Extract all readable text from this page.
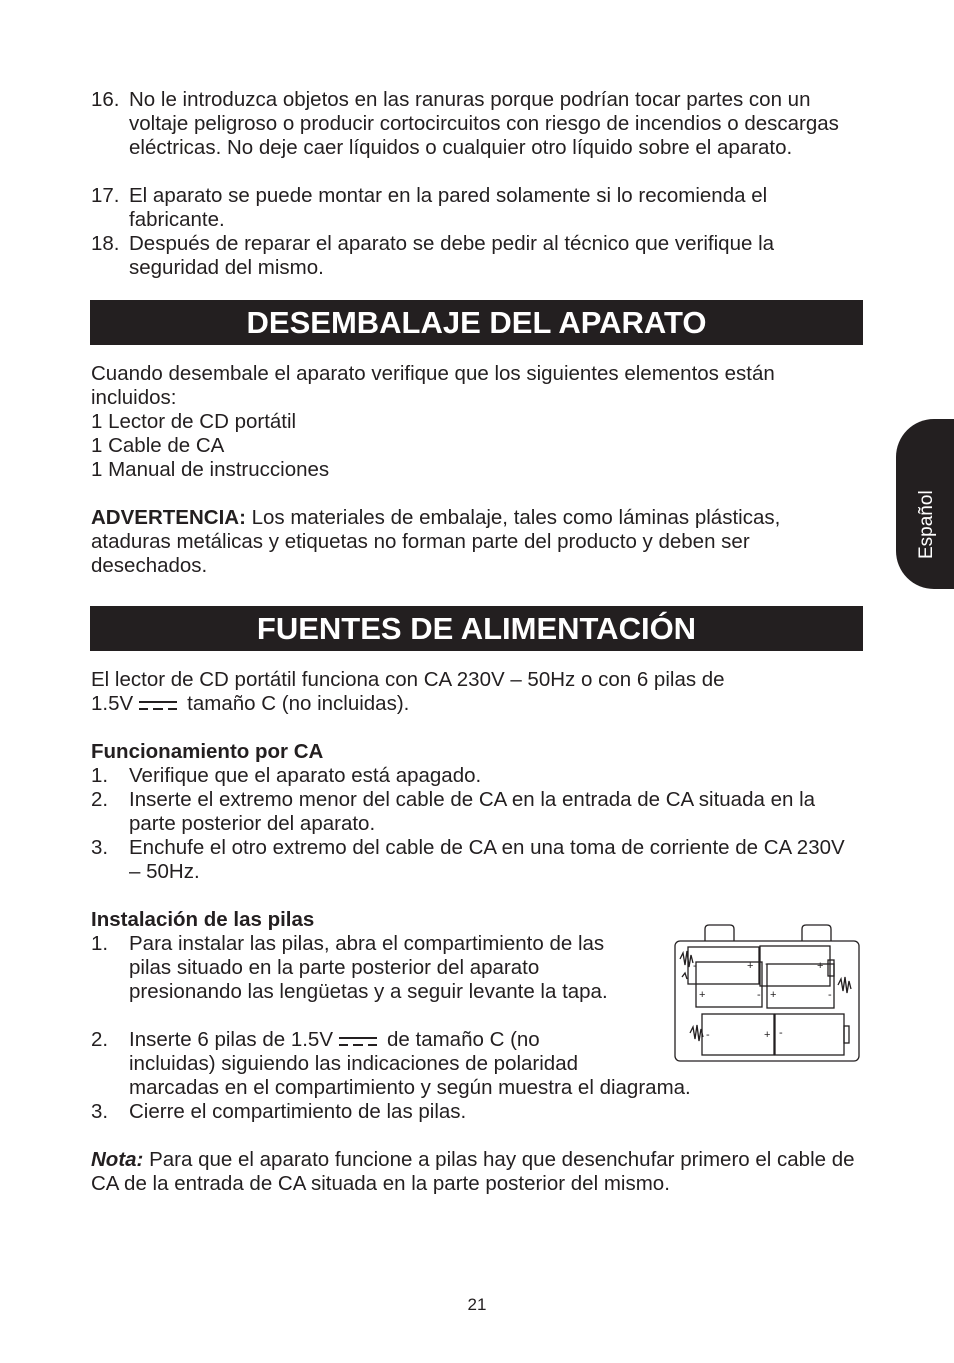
Español
16. No le introduzca objetos en las ranuras porque podrían tocar partes con un voltaje peligroso o producir cortocircuitos con riesgo de incendios o descargas eléctricas. No deje caer líquidos o cualquier otro líquido sobre el aparato.
17. El aparato se puede montar en la pared solamente si lo recomienda el fabricante.
18. Después de reparar el aparato se debe pedir al técnico que verifique la seguridad del mismo.
DESEMBALAJE DEL APARATO
Cuando desembale el aparato verifique que los siguientes elementos están incluidos:
1 Lector de CD portátil
1 Cable de CA
1 Manual de instrucciones
ADVERTENCIA: Los materiales de embalaje, tales como láminas plásticas, ataduras metálicas y etiquetas no forman parte del producto y deben ser desechados.
FUENTES DE ALIMENTACIÓN
El lector de CD portátil funciona con CA 230V – 50Hz o con 6 pilas de
1.5V	tamaño C (no incluidas).
Funcionamiento por CA
1. Verifique que el aparato está apagado.
2. Inserte el extremo menor del cable de CA en la entrada de CA situada en la parte posterior del aparato.
3. Enchufe el otro extremo del cable de CA en una toma de corriente de CA 230V – 50Hz.
Instalación de las pilas
1. Para instalar las pilas, abra el compartimiento de las pilas situado en la parte posterior del aparato presionando las lengüetas y a seguir levante la tapa.
2. Inserte 6 pilas de 1.5V	de tamaño C (no
incluidas) siguiendo las indicaciones de polaridad
marcadas en el compartimiento y según muestra el diagrama.
3. Cierre el compartimiento de las pilas.
-	+ -	+
+	- +	-
-	+ -
Nota: Para que el aparato funcione a pilas hay que desenchufar primero el cable de CA de la entrada de CA situada en la parte posterior del mismo.
21
